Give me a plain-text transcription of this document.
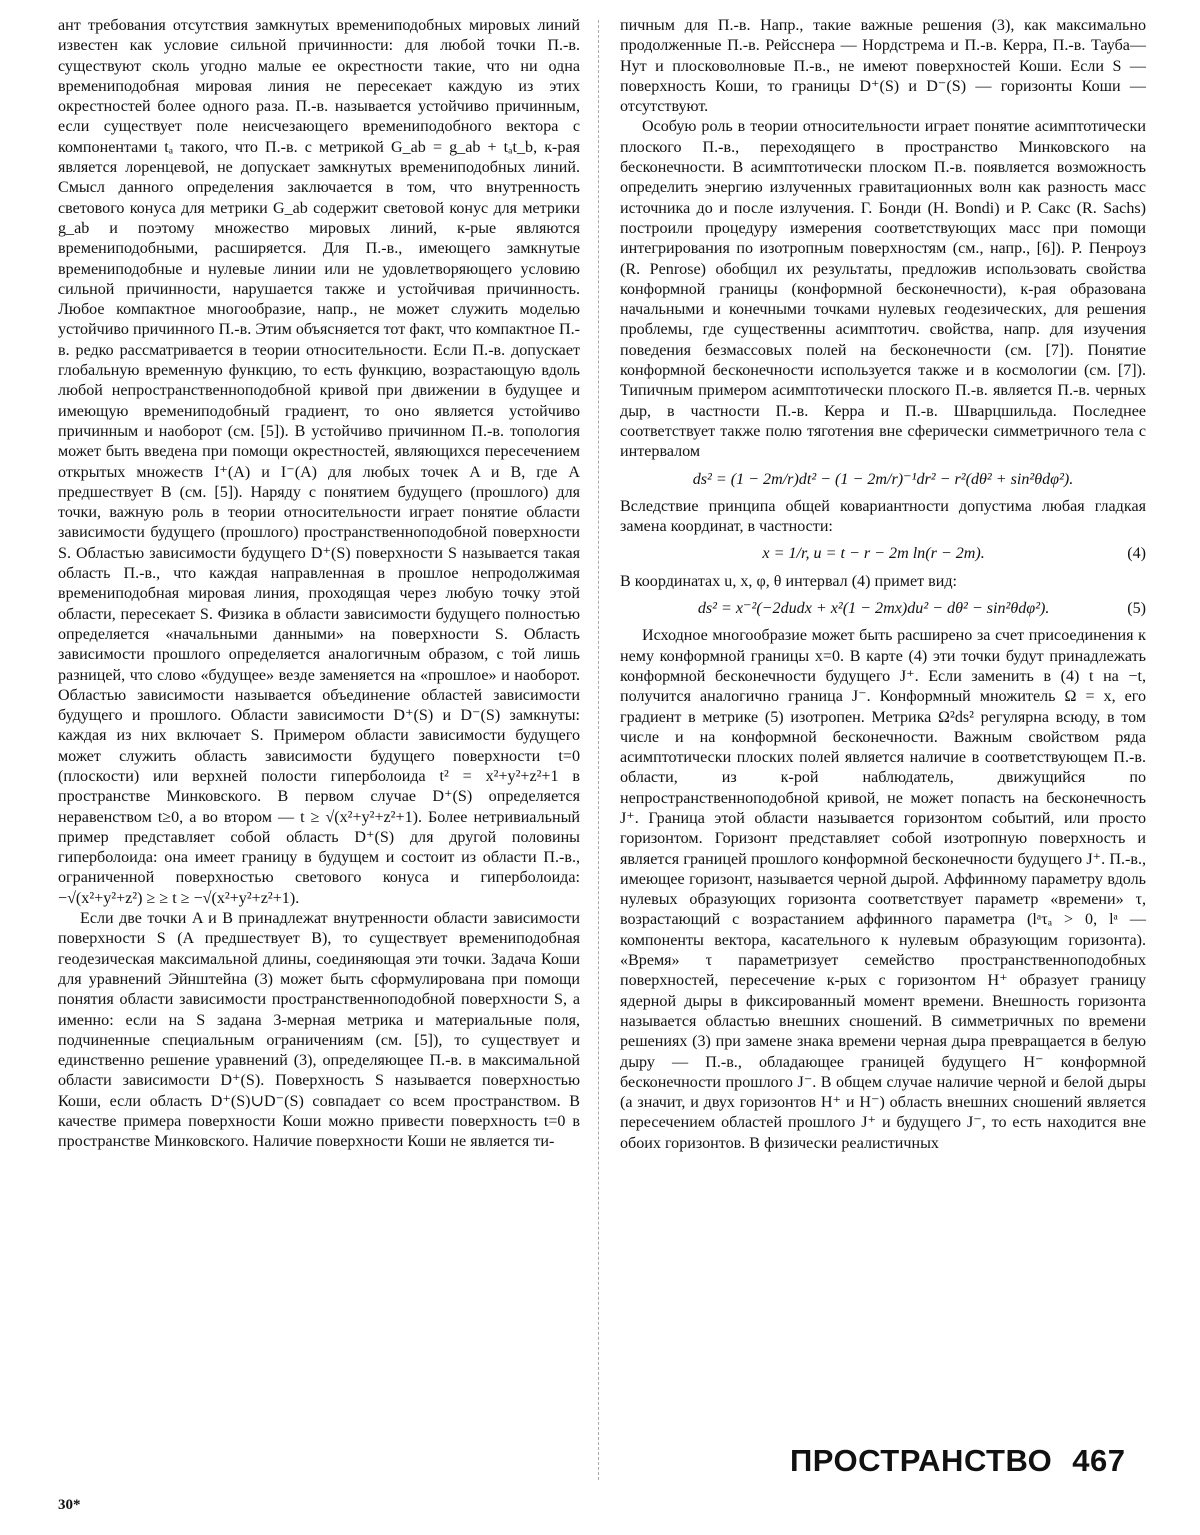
ант требования отсутствия замкнутых времениподобных мировых линий известен как условие сильной причинности: для любой точки П.-в. существуют сколь угодно малые ее окрестности такие, что ни одна времениподобная мировая линия не пересекает каждую из этих окрестностей более одного раза. П.-в. называется устойчиво причинным, если существует поле неисчезающего времениподобного вектора с компонентами tₐ такого, что П.-в. с метрикой G_ab = g_ab + tₐt_b, к-рая является лоренцевой, не допускает замкнутых времениподобных линий. Смысл данного определения заключается в том, что внутренность светового конуса для метрики G_ab содержит световой конус для метрики g_ab и поэтому множество мировых линий, к-рые являются времениподобными, расширяется. Для П.-в., имеющего замкнутые времениподобные и нулевые линии или не удовлетворяющего условию сильной причинности, нарушается также и устойчивая причинность. Любое компактное многообразие, напр., не может служить моделью устойчиво причинного П.-в. Этим объясняется тот факт, что компактное П.-в. редко рассматривается в теории относительности. Если П.-в. допускает глобальную временную функцию, то есть функцию, возрастающую вдоль любой непространственноподобной кривой при движении в будущее и имеющую времениподобный градиент, то оно является устойчиво причинным и наоборот (см. [5]). В устойчиво причинном П.-в. топология может быть введена при помощи окрестностей, являющихся пересечением открытых множеств I⁺(A) и I⁻(A) для любых точек A и B, где A предшествует B (см. [5]). Наряду с понятием будущего (прошлого) для точки, важную роль в теории относительности играет понятие области зависимости будущего (прошлого) пространственноподобной поверхности S. Областью зависимости будущего D⁺(S) поверхности S называется такая область П.-в., что каждая направленная в прошлое непродолжимая времениподобная мировая линия, проходящая через любую точку этой области, пересекает S. Физика в области зависимости будущего полностью определяется «начальными данными» на поверхности S. Область зависимости прошлого определяется аналогичным образом, с той лишь разницей, что слово «будущее» везде заменяется на «прошлое» и наоборот. Областью зависимости называется объединение областей зависимости будущего и прошлого. Области зависимости D⁺(S) и D⁻(S) замкнуты: каждая из них включает S. Примером области зависимости будущего может служить область зависимости будущего поверхности t=0 (плоскости) или верхней полости гиперболоида t² = x²+y²+z²+1 в пространстве Минковского. В первом случае D⁺(S) определяется неравенством t≥0, а во втором — t ≥ √(x²+y²+z²+1). Более нетривиальный пример представляет собой область D⁺(S) для другой половины гиперболоида: она имеет границу в будущем и состоит из области П.-в., ограниченной поверхностью светового конуса и гиперболоида: −√(x²+y²+z²) ≥ ≥ t ≥ −√(x²+y²+z²+1).

Если две точки A и B принадлежат внутренности области зависимости поверхности S (A предшествует B), то существует времениподобная геодезическая максимальной длины, соединяющая эти точки. Задача Коши для уравнений Эйнштейна (3) может быть сформулирована при помощи понятия области зависимости пространственноподобной поверхности S, а именно: если на S задана 3-мерная метрика и материальные поля, подчиненные специальным ограничениям (см. [5]), то существует и единственно решение уравнений (3), определяющее П.-в. в максимальной области зависимости D⁺(S). Поверхность S называется поверхностью Коши, если область D⁺(S)∪D⁻(S) совпадает со всем пространством. В качестве примера поверхности Коши можно привести поверхность t=0 в пространстве Минковского. Наличие поверхности Коши не является ти-

пичным для П.-в. Напр., такие важные решения (3), как максимально продолженные П.-в. Рейсснера — Нордстрема и П.-в. Керра, П.-в. Тауба—Нут и плосковолновые П.-в., не имеют поверхностей Коши. Если S — поверхность Коши, то границы D⁺(S) и D⁻(S) — горизонты Коши — отсутствуют.

Особую роль в теории относительности играет понятие асимптотически плоского П.-в., переходящего в пространство Минковского на бесконечности. В асимптотически плоском П.-в. появляется возможность определить энергию излученных гравитационных волн как разность масс источника до и после излучения. Г. Бонди (H. Bondi) и Р. Сакс (R. Sachs) построили процедуру измерения соответствующих масс при помощи интегрирования по изотропным поверхностям (см., напр., [6]). Р. Пенроуз (R. Penrose) обобщил их результаты, предложив использовать свойства конформной границы (конформной бесконечности), к-рая образована начальными и конечными точками нулевых геодезических, для решения проблемы, где существенны асимптотич. свойства, напр. для изучения поведения безмассовых полей на бесконечности (см. [7]). Понятие конформной бесконечности используется также и в космологии (см. [7]). Типичным примером асимптотически плоского П.-в. является П.-в. черных дыр, в частности П.-в. Керра и П.-в. Шварцшильда. Последнее соответствует также полю тяготения вне сферически симметричного тела с интервалом

ds² = (1 − 2m/r)dt² − (1 − 2m/r)⁻¹dr² − r²(dθ² + sin²θdφ²).

Вследствие принципа общей ковариантности допустима любая гладкая замена координат, в частности:

(4)
x = 1/r, u = t − r − 2m ln(r − 2m).

В координатах u, x, φ, θ интервал (4) примет вид:

(5)
ds² = x⁻²(−2dudx + x²(1 − 2mx)du² − dθ² − sin²θdφ²).

Исходное многообразие может быть расширено за счет присоединения к нему конформной границы x=0. В карте (4) эти точки будут принадлежать конформной бесконечности будущего J⁺. Если заменить в (4) t на −t, получится аналогично граница J⁻. Конформный множитель Ω = x, его градиент в метрике (5) изотропен. Метрика Ω²ds² регулярна всюду, в том числе и на конформной бесконечности. Важным свойством ряда асимптотически плоских полей является наличие в соответствующем П.-в. области, из к-рой наблюдатель, движущийся по непространственноподобной кривой, не может попасть на бесконечность J⁺. Граница этой области называется горизонтом событий, или просто горизонтом. Горизонт представляет собой изотропную поверхность и является границей прошлого конформной бесконечности будущего J⁺. П.-в., имеющее горизонт, называется черной дырой. Аффинному параметру вдоль нулевых образующих горизонта соответствует параметр «времени» τ, возрастающий с возрастанием аффинного параметра (lᵃτₐ > 0, lᵃ — компоненты вектора, касательного к нулевым образующим горизонта). «Время» τ параметризует семейство пространственноподобных поверхностей, пересечение к-рых с горизонтом H⁺ образует границу ядерной дыры в фиксированный момент времени. Внешность горизонта называется областью внешних сношений. В симметричных по времени решениях (3) при замене знака времени черная дыра превращается в белую дыру — П.-в., обладающее границей будущего H⁻ конформной бесконечности прошлого J⁻. В общем случае наличие черной и белой дыры (а значит, и двух горизонтов H⁺ и H⁻) область внешних сношений является пересечением областей прошлого J⁺ и будущего J⁻, то есть находится вне обоих горизонтов. В физически реалистичных

ПРОСТРАНСТВО 467
30*
